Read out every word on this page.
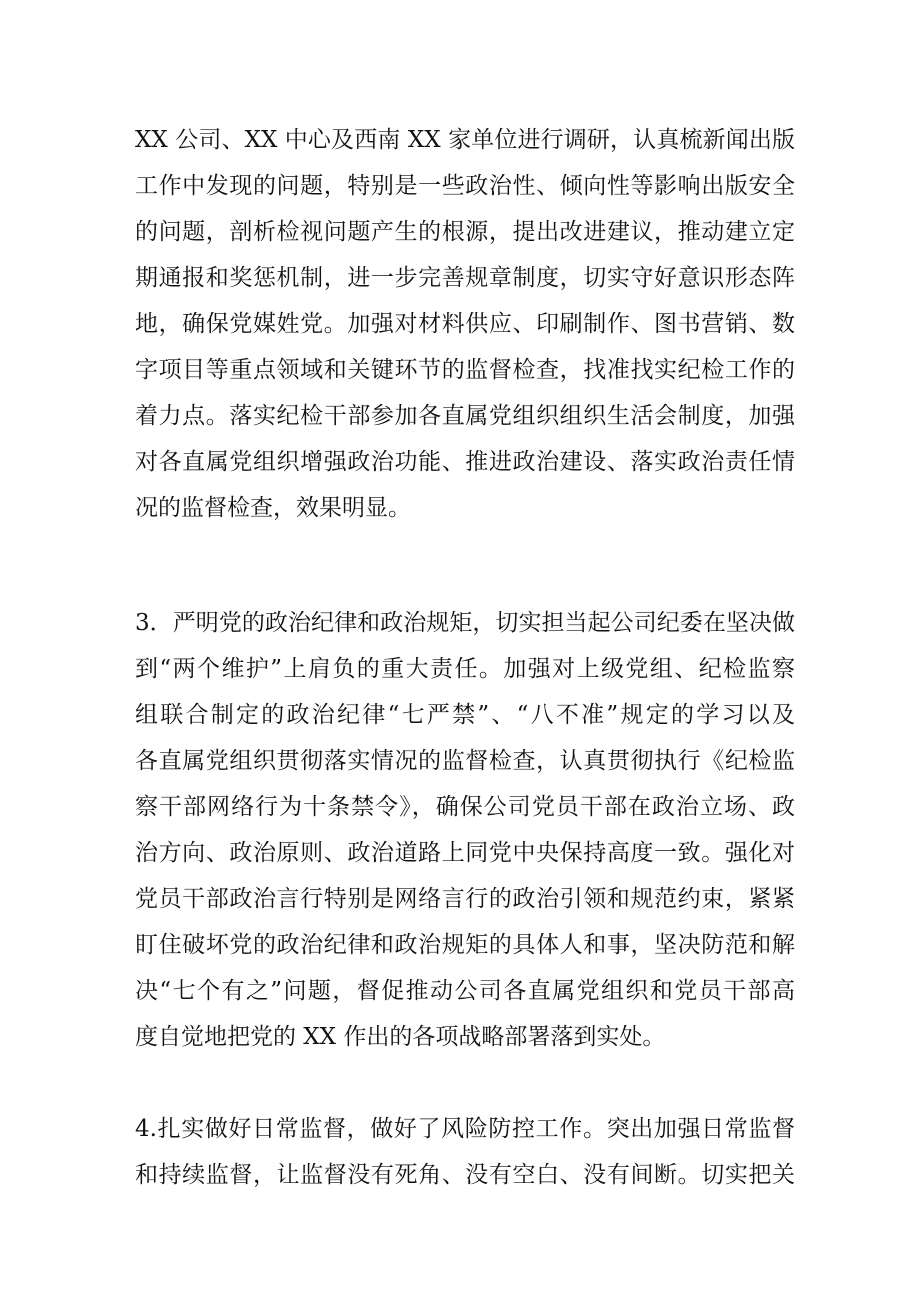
XX 公司、XX 中心及西南 XX 家单位进行调研，认真梳新闻出版
工作中发现的问题，特别是一些政治性、倾向性等影响出版安全
的问题，剖析检视问题产生的根源，提出改进建议，推动建立定
期通报和奖惩机制，进一步完善规章制度，切实守好意识形态阵
地，确保党媒姓党。加强对材料供应、印刷制作、图书营销、数
字项目等重点领域和关键环节的监督检查，找准找实纪检工作的
着力点。落实纪检干部参加各直属党组织组织生活会制度，加强
对各直属党组织增强政治功能、推进政治建设、落实政治责任情
况的监督检查，效果明显。

3．严明党的政治纪律和政治规矩，切实担当起公司纪委在坚决做
到“两个维护”上肩负的重大责任。加强对上级党组、纪检监察
组联合制定的政治纪律“七严禁”、“八不准”规定的学习以及
各直属党组织贯彻落实情况的监督检查，认真贯彻执行《纪检监
察干部网络行为十条禁令》，确保公司党员干部在政治立场、政
治方向、政治原则、政治道路上同党中央保持高度一致。强化对
党员干部政治言行特别是网络言行的政治引领和规范约束，紧紧
盯住破坏党的政治纪律和政治规矩的具体人和事，坚决防范和解
决“七个有之”问题，督促推动公司各直属党组织和党员干部高
度自觉地把党的 XX 作出的各项战略部署落到实处。

4.扎实做好日常监督，做好了风险防控工作。突出加强日常监督
和持续监督，让监督没有死角、没有空白、没有间断。切实把关
